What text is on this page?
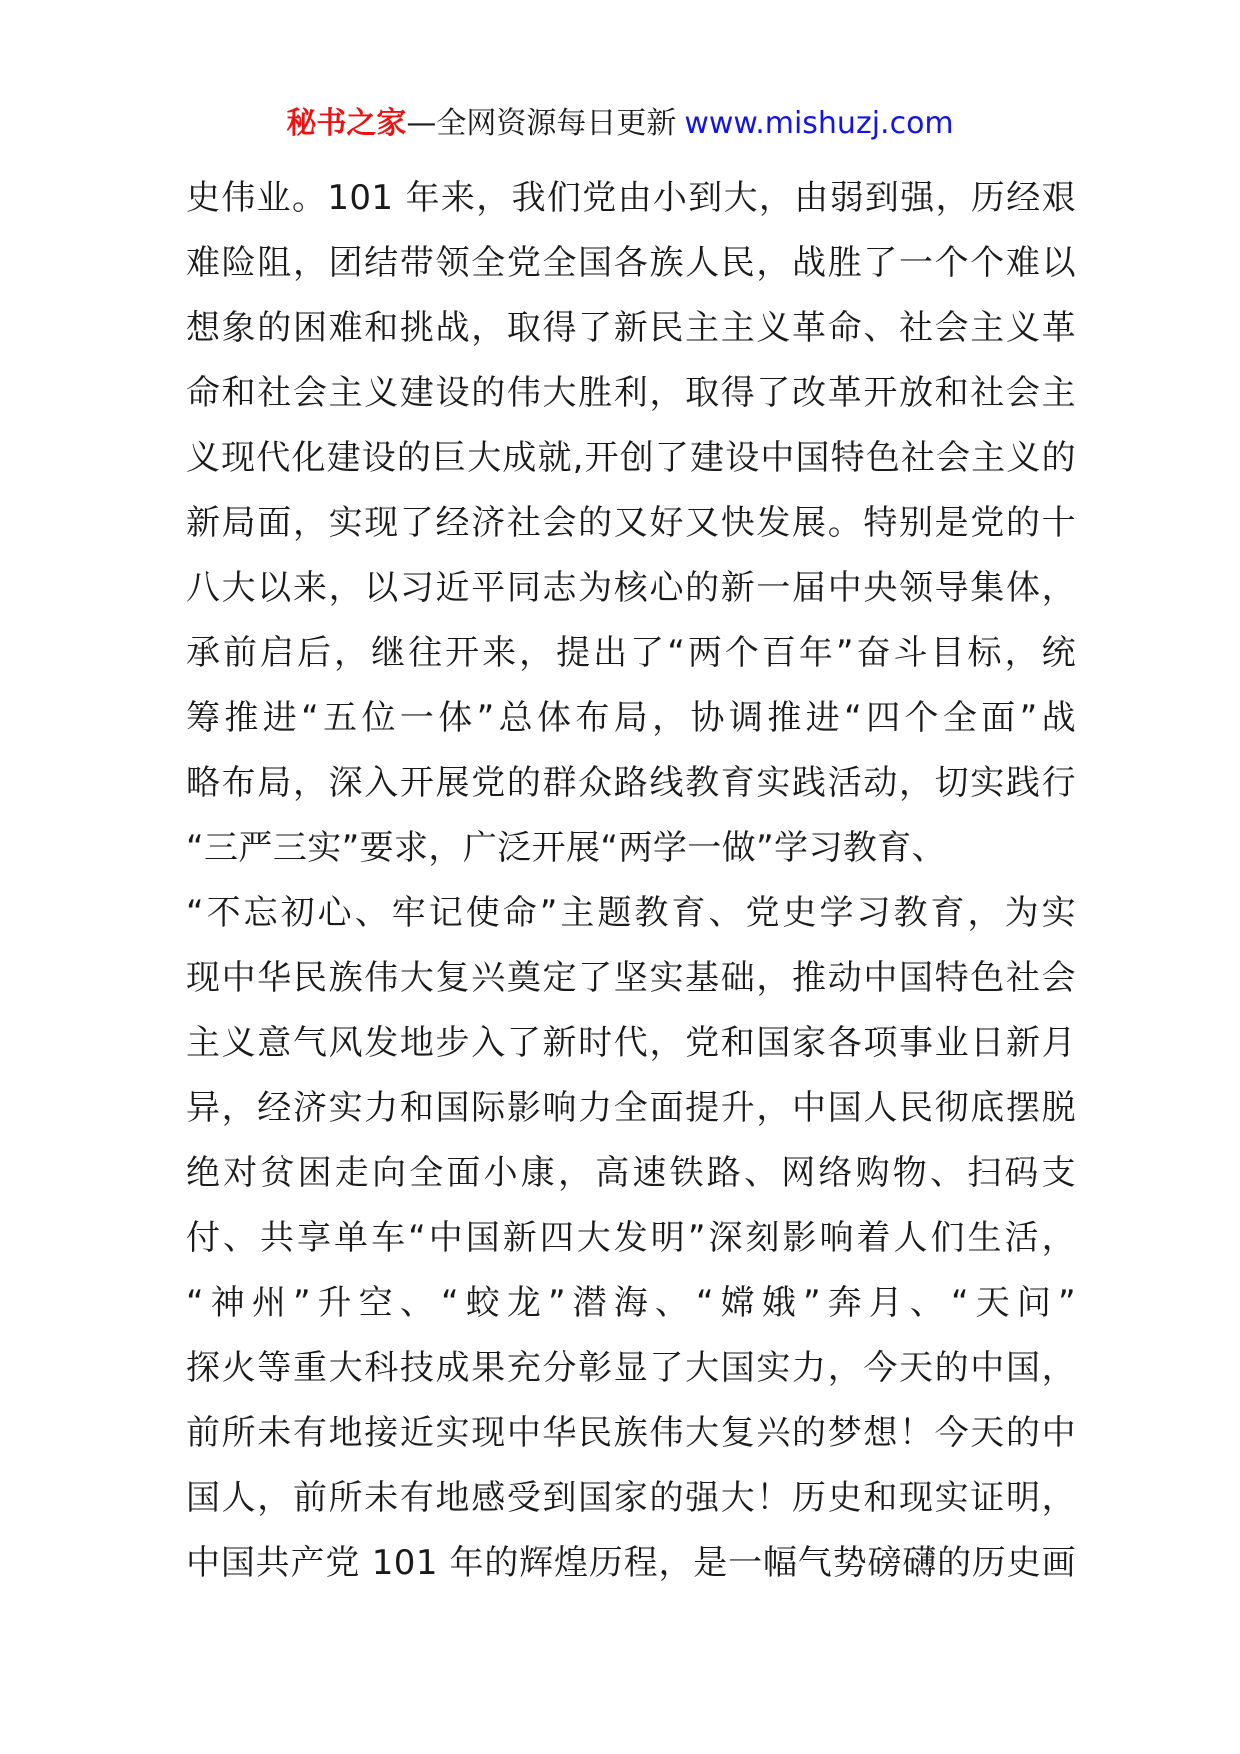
秘书之家—全网资源每日更新 www.mishuzj.com
史伟业。101 年来，我们党由小到大，由弱到强，历经艰
难险阻，团结带领全党全国各族人民，战胜了一个个难以
想象的困难和挑战，取得了新民主主义革命、社会主义革
命和社会主义建设的伟大胜利，取得了改革开放和社会主
义现代化建设的巨大成就,开创了建设中国特色社会主义的
新局面，实现了经济社会的又好又快发展。特别是党的十
八大以来，以习近平同志为核心的新一届中央领导集体，
承前启后，继往开来，提出了“两个百年”奋斗目标，统
筹推进“五位一体”总体布局，协调推进“四个全面”战
略布局，深入开展党的群众路线教育实践活动，切实践行
“三严三实”要求，广泛开展“两学一做”学习教育、
“不忘初心、牢记使命”主题教育、党史学习教育，为实
现中华民族伟大复兴奠定了坚实基础，推动中国特色社会
主义意气风发地步入了新时代，党和国家各项事业日新月
异，经济实力和国际影响力全面提升，中国人民彻底摆脱
绝对贫困走向全面小康，高速铁路、网络购物、扫码支
付、共享单车“中国新四大发明”深刻影响着人们生活，
“神州”升空、“蛟龙”潜海、“嫦娥”奔月、“天问”
探火等重大科技成果充分彰显了大国实力，今天的中国，
前所未有地接近实现中华民族伟大复兴的梦想！今天的中
国人，前所未有地感受到国家的强大！历史和现实证明，
中国共产党 101 年的辉煌历程，是一幅气势磅礴的历史画
